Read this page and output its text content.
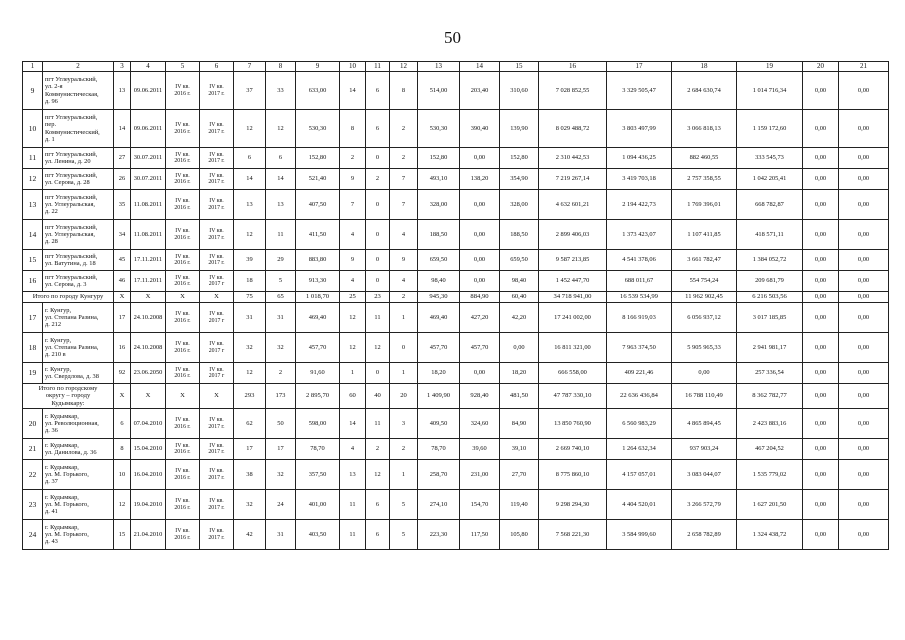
50
1	2	3	4	5	6	7	8	9	10	11	12	13	14	15	16	17	18	19	20	21
9	пгт Углеуральский,
ул. 2-я
Коммунистическая,
д. 96	13	09.06.2011	IV кв.
2016 г.	IV кв.
2017 г.	37	33	633,00	14	6	8	514,00	203,40	310,60	7 028 852,55	3 329 505,47	2 684 630,74	1 014 716,34	0,00	0,00
10	пгт Углеуральский,
пер.
Коммунистический,
д. 1	14	09.06.2011	IV кв.
2016 г.	IV кв.
2017 г.	12	12	530,30	8	6	2	530,30	390,40	139,90	8 029 488,72	3 803 497,99	3 066 818,13	1 159 172,60	0,00	0,00
11	пгт Углеуральский,
ул. Ленина, д. 20	27	30.07.2011	IV кв.
2016 г.	IV кв.
2017 г.	6	6	152,80	2	0	2	152,80	0,00	152,80	2 310 442,53	1 094 436,25	882 460,55	333 545,73	0,00	0,00
12	пгт Углеуральский,
ул. Серова, д. 28	26	30.07.2011	IV кв.
2016 г.	IV кв.
2017 г.	14	14	521,40	9	2	7	493,10	138,20	354,90	7 219 267,14	3 419 703,18	2 757 358,55	1 042 205,41	0,00	0,00
13	пгт Углеуральский,
ул. Углеуральская,
д. 22	35	11.08.2011	IV кв.
2016 г.	IV кв.
2017 г.	13	13	407,50	7	0	7	328,00	0,00	328,00	4 632 601,21	2 194 422,73	1 769 396,01	668 782,87	0,00	0,00
14	пгт Углеуральский,
ул. Углеуральская,
д. 28	34	11.08.2011	IV кв.
2016 г.	IV кв.
2017 г.	12	11	411,50	4	0	4	188,50	0,00	188,50	2 899 406,03	1 373 423,07	1 107 411,85	418 571,11	0,00	0,00
15	пгт Углеуральский,
ул. Ватутина, д. 18	45	17.11.2011	IV кв.
2016 г.	IV кв.
2017 г.	39	29	883,80	9	0	9	659,50	0,00	659,50	9 587 213,85	4 541 378,06	3 661 782,47	1 384 052,72	0,00	0,00
16	пгт Углеуральский,
ул. Серова, д. 3	46	17.11.2011	IV кв.
2016 г.	IV кв.
2017 г	18	5	913,30	4	0	4	98,40	0,00	98,40	1 452 447,70	688 011,67	554 754,24	209 681,79	0,00	0,00
Итого по городу Кунгуру		X	X	X	X	75	65	1 018,70	25	23	2	945,30	884,90	60,40	34 718 941,00	16 539 534,99	11 962 902,45	6 216 503,56	0,00	0,00
17	г. Кунгур,
ул. Степана Разина,
д. 212	17	24.10.2008	IV кв.
2016 г.	IV кв.
2017 г	31	31	469,40	12	11	1	469,40	427,20	42,20	17 241 002,00	8 166 919,03	6 056 937,12	3 017 185,85	0,00	0,00
18	г. Кунгур,
ул. Степана Разина,
д. 210 в	16	24.10.2008	IV кв.
2016 г.	IV кв.
2017 г	32	32	457,70	12	12	0	457,70	457,70	0,00	16 811 321,00	7 963 374,50	5 905 965,33	2 941 981,17	0,00	0,00
19	г. Кунгур,
ул. Свердлова, д. 38	92	23.06.2050	IV кв.
2016 г.	IV кв.
2017 г	12	2	91,60	1	0	1	18,20	0,00	18,20	666 558,00	409 221,46	0,00	257 336,54	0,00	0,00
Итого по городскому
округу – городу
Кудымкару:		X	X	X	X	293	173	2 895,70	60	40	20	1 409,90	928,40	481,50	47 787 330,10	22 636 436,84	16 788 110,49	8 362 782,77	0,00	0,00
20	г. Кудымкар,
ул. Революционная,
д. 36	6	07.04.2010	IV кв.
2016 г.	IV кв.
2017 г.	62	50	598,00	14	11	3	409,50	324,60	84,90	13 850 760,90	6 560 983,29	4 865 894,45	2 423 883,16	0,00	0,00
21	г. Кудымкар,
ул. Данилова, д. 36	8	15.04.2010	IV кв.
2016 г.	IV кв.
2017 г.	17	17	78,70	4	2	2	78,70	39,60	39,10	2 669 740,10	1 264 632,34	937 903,24	467 204,52	0,00	0,00
22	г. Кудымкар,
ул. М. Горького,
д. 37	10	16.04.2010	IV кв.
2016 г.	IV кв.
2017 г.	38	32	357,50	13	12	1	258,70	231,00	27,70	8 775 860,10	4 157 057,01	3 083 044,07	1 535 779,02	0,00	0,00
23	г. Кудымкар,
ул. М. Горького,
д. 41	12	19.04.2010	IV кв.
2016 г.	IV кв.
2017 г.	32	24	401,00	11	6	5	274,10	154,70	119,40	9 298 294,30	4 404 520,01	3 266 572,79	1 627 201,50	0,00	0,00
24	г. Кудымкар,
ул. М. Горького,
д. 43	15	21.04.2010	IV кв.
2016 г.	IV кв.
2017 г.	42	31	403,50	11	6	5	223,30	117,50	105,80	7 568 221,30	3 584 999,60	2 658 782,89	1 324 438,72	0,00	0,00
